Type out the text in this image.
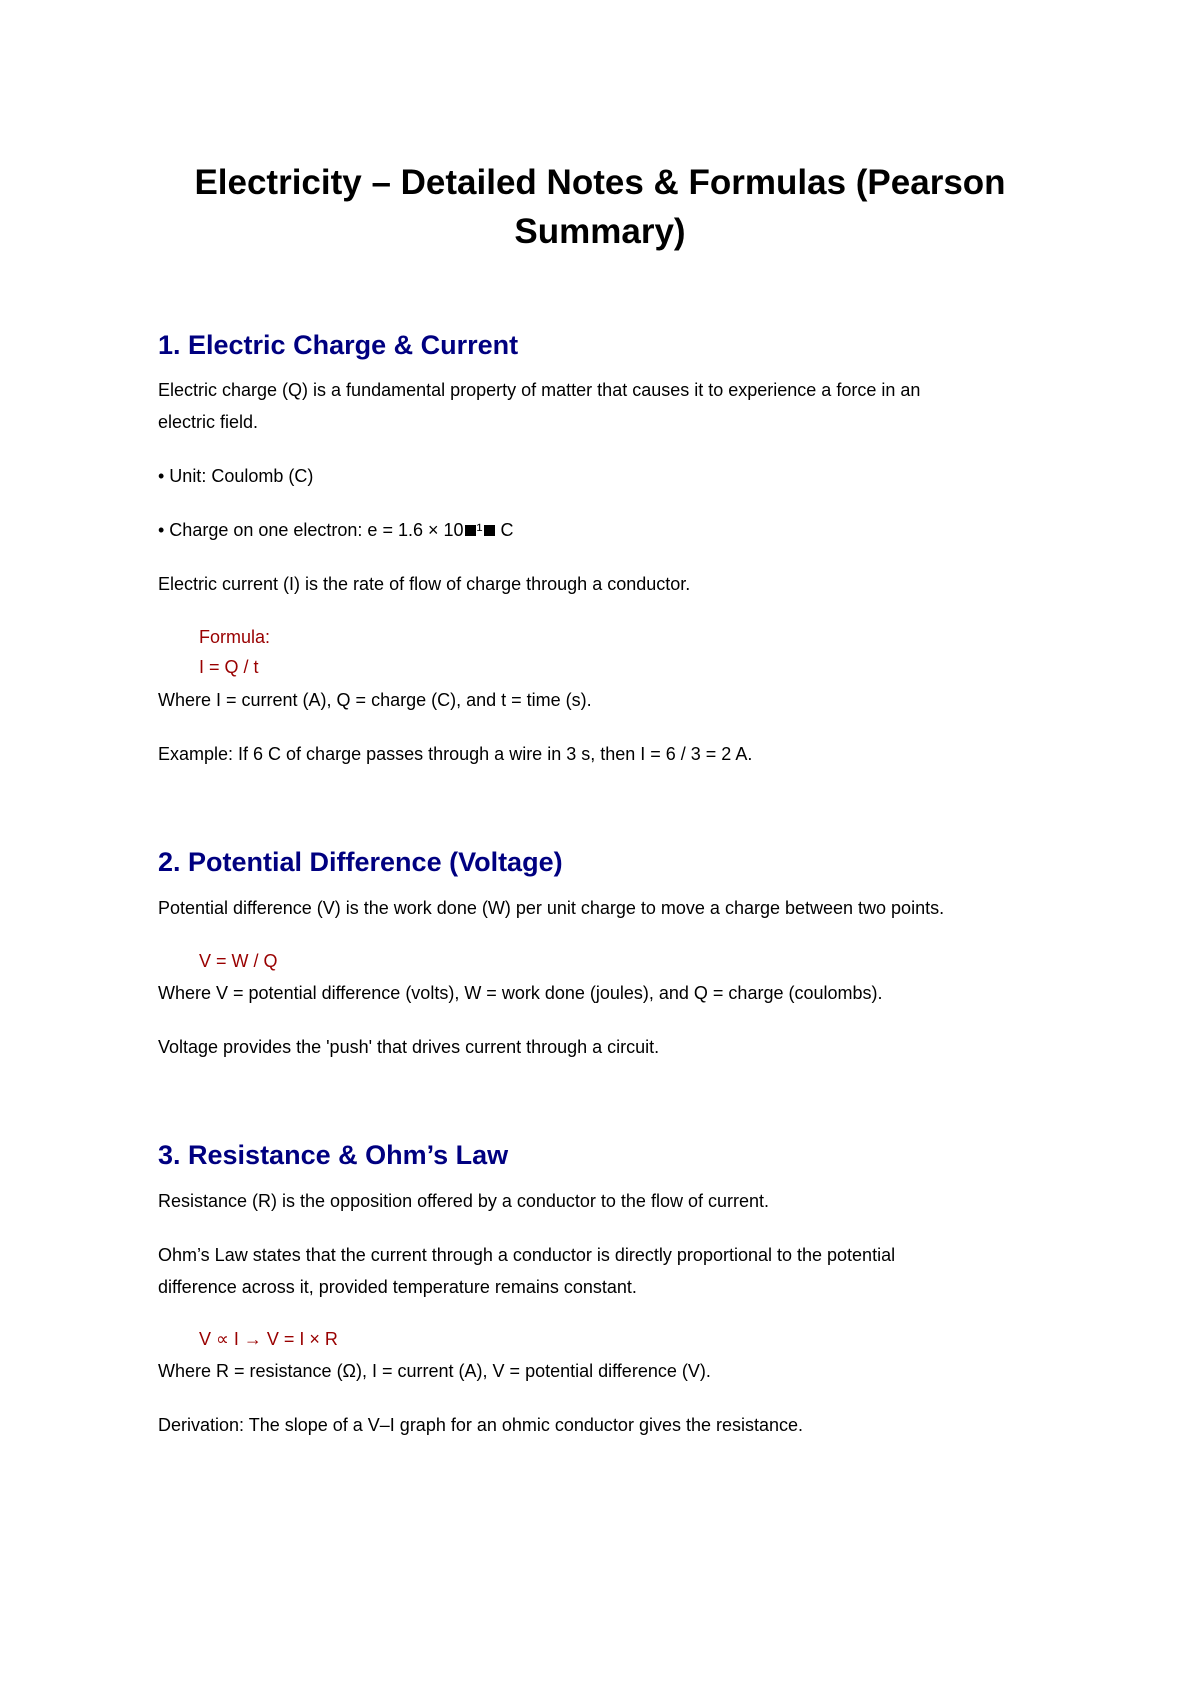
Electricity – Detailed Notes & Formulas (Pearson Summary)
1. Electric Charge & Current

Electric charge (Q) is a fundamental property of matter that causes it to experience a force in an

electric field.

• Unit: Coulomb (C)

• Charge on one electron: e = 1.6 × 10 ¹ C

Electric current (I) is the rate of flow of charge through a conductor.

Formula:

I = Q / t

Where I = current (A), Q = charge (C), and t = time (s).

Example: If 6 C of charge passes through a wire in 3 s, then I = 6 / 3 = 2 A.

2. Potential Difference (Voltage)

Potential difference (V) is the work done (W) per unit charge to move a charge between two points.

V = W / Q

Where V = potential difference (volts), W = work done (joules), and Q = charge (coulombs).

Voltage provides the 'push' that drives current through a circuit.

3. Resistance & Ohm’s Law

Resistance (R) is the opposition offered by a conductor to the flow of current.

Ohm’s Law states that the current through a conductor is directly proportional to the potential

difference across it, provided temperature remains constant.

V ∝ I → V = I × R

Where R = resistance (Ω), I = current (A), V = potential difference (V).

Derivation: The slope of a V–I graph for an ohmic conductor gives the resistance.
